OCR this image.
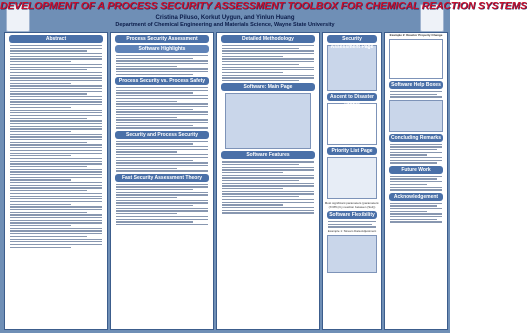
DEVELOPMENT OF A PROCESS SECURITY ASSESSMENT TOOLBOX FOR CHEMICAL REACTION SYSTEMS
Cristina Piluso, Korkut Uygun, and Yinlun Huang
Department of Chemical Engineering and Materials Science, Wayne State University
Abstract	Process Security Assessment
Software Highlights
Process Security vs. Process Safety
Security and Process Security
Fast Security Assessment Theory
Detailed Methodology
Software: Main Page
Software Features
Security Assessment Page
Ascent to Disaster Profile
Priority List Page
Most significant parameters (parameters: (X=8%) by reaction between (Ss1))
Software Flexibility
Example 1: Stream Data Adjustment
Example 2: Reactor Property Change
Software Help Boxes
Concluding Remarks
Future Work
Acknowledgement
